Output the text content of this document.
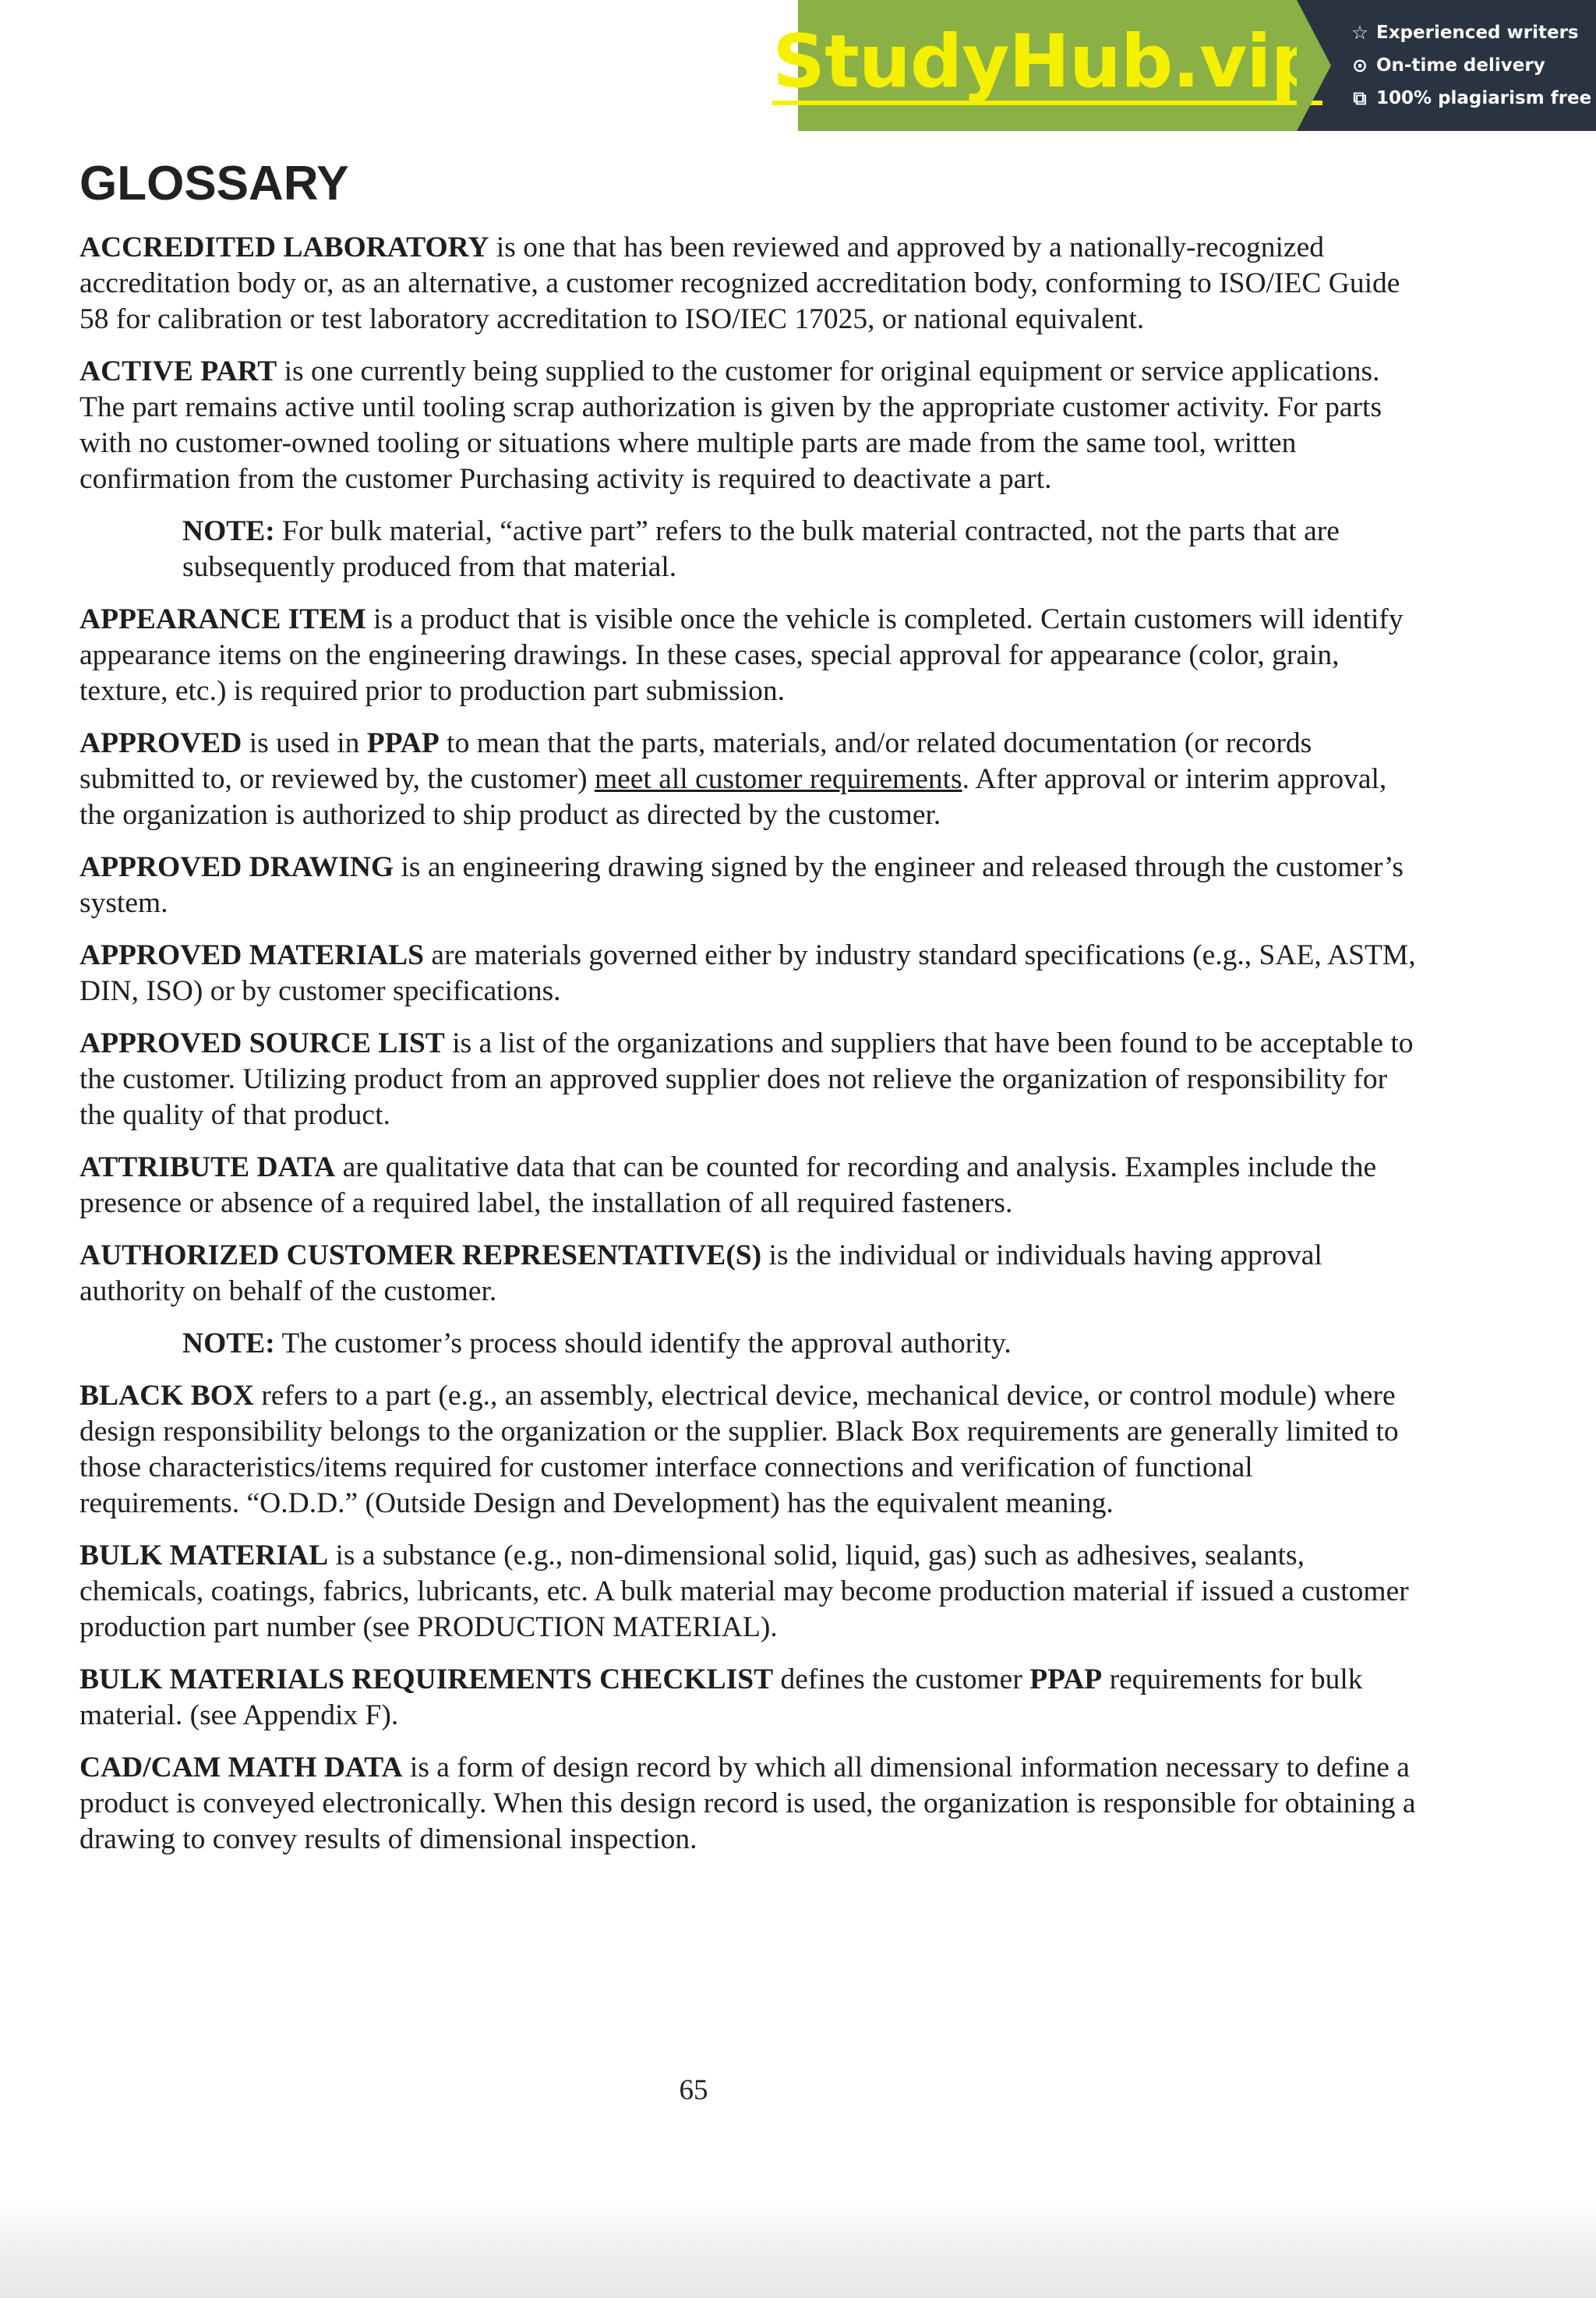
StudyHub.vip ☆ Experienced writers
⊙ On-time delivery
⧉ 100% plagiarism free
GLOSSARY

ACCREDITED LABORATORY is one that has been reviewed and approved by a nationally-recognized accreditation body or, as an alternative, a customer recognized accreditation body, conforming to ISO/IEC Guide 58 for calibration or test laboratory accreditation to ISO/IEC 17025, or national equivalent.

ACTIVE PART is one currently being supplied to the customer for original equipment or service applications. The part remains active until tooling scrap authorization is given by the appropriate customer activity. For parts with no customer-owned tooling or situations where multiple parts are made from the same tool, written confirmation from the customer Purchasing activity is required to deactivate a part.

NOTE: For bulk material, “active part” refers to the bulk material contracted, not the parts that are subsequently produced from that material.

APPEARANCE ITEM is a product that is visible once the vehicle is completed. Certain customers will identify appearance items on the engineering drawings. In these cases, special approval for appearance (color, grain, texture, etc.) is required prior to production part submission.

APPROVED is used in PPAP to mean that the parts, materials, and/or related documentation (or records submitted to, or reviewed by, the customer) meet all customer requirements. After approval or interim approval, the organization is authorized to ship product as directed by the customer.

APPROVED DRAWING is an engineering drawing signed by the engineer and released through the customer’s system.

APPROVED MATERIALS are materials governed either by industry standard specifications (e.g., SAE, ASTM, DIN, ISO) or by customer specifications.

APPROVED SOURCE LIST is a list of the organizations and suppliers that have been found to be acceptable to the customer. Utilizing product from an approved supplier does not relieve the organization of responsibility for the quality of that product.

ATTRIBUTE DATA are qualitative data that can be counted for recording and analysis. Examples include the presence or absence of a required label, the installation of all required fasteners.

AUTHORIZED CUSTOMER REPRESENTATIVE(S) is the individual or individuals having approval authority on behalf of the customer.

NOTE: The customer’s process should identify the approval authority.

BLACK BOX refers to a part (e.g., an assembly, electrical device, mechanical device, or control module) where design responsibility belongs to the organization or the supplier. Black Box requirements are generally limited to those characteristics/items required for customer interface connections and verification of functional requirements. “O.D.D.” (Outside Design and Development) has the equivalent meaning.

BULK MATERIAL is a substance (e.g., non-dimensional solid, liquid, gas) such as adhesives, sealants, chemicals, coatings, fabrics, lubricants, etc. A bulk material may become production material if issued a customer production part number (see PRODUCTION MATERIAL).

BULK MATERIALS REQUIREMENTS CHECKLIST defines the customer PPAP requirements for bulk material. (see Appendix F).

CAD/CAM MATH DATA is a form of design record by which all dimensional information necessary to define a product is conveyed electronically. When this design record is used, the organization is responsible for obtaining a drawing to convey results of dimensional inspection.

65
